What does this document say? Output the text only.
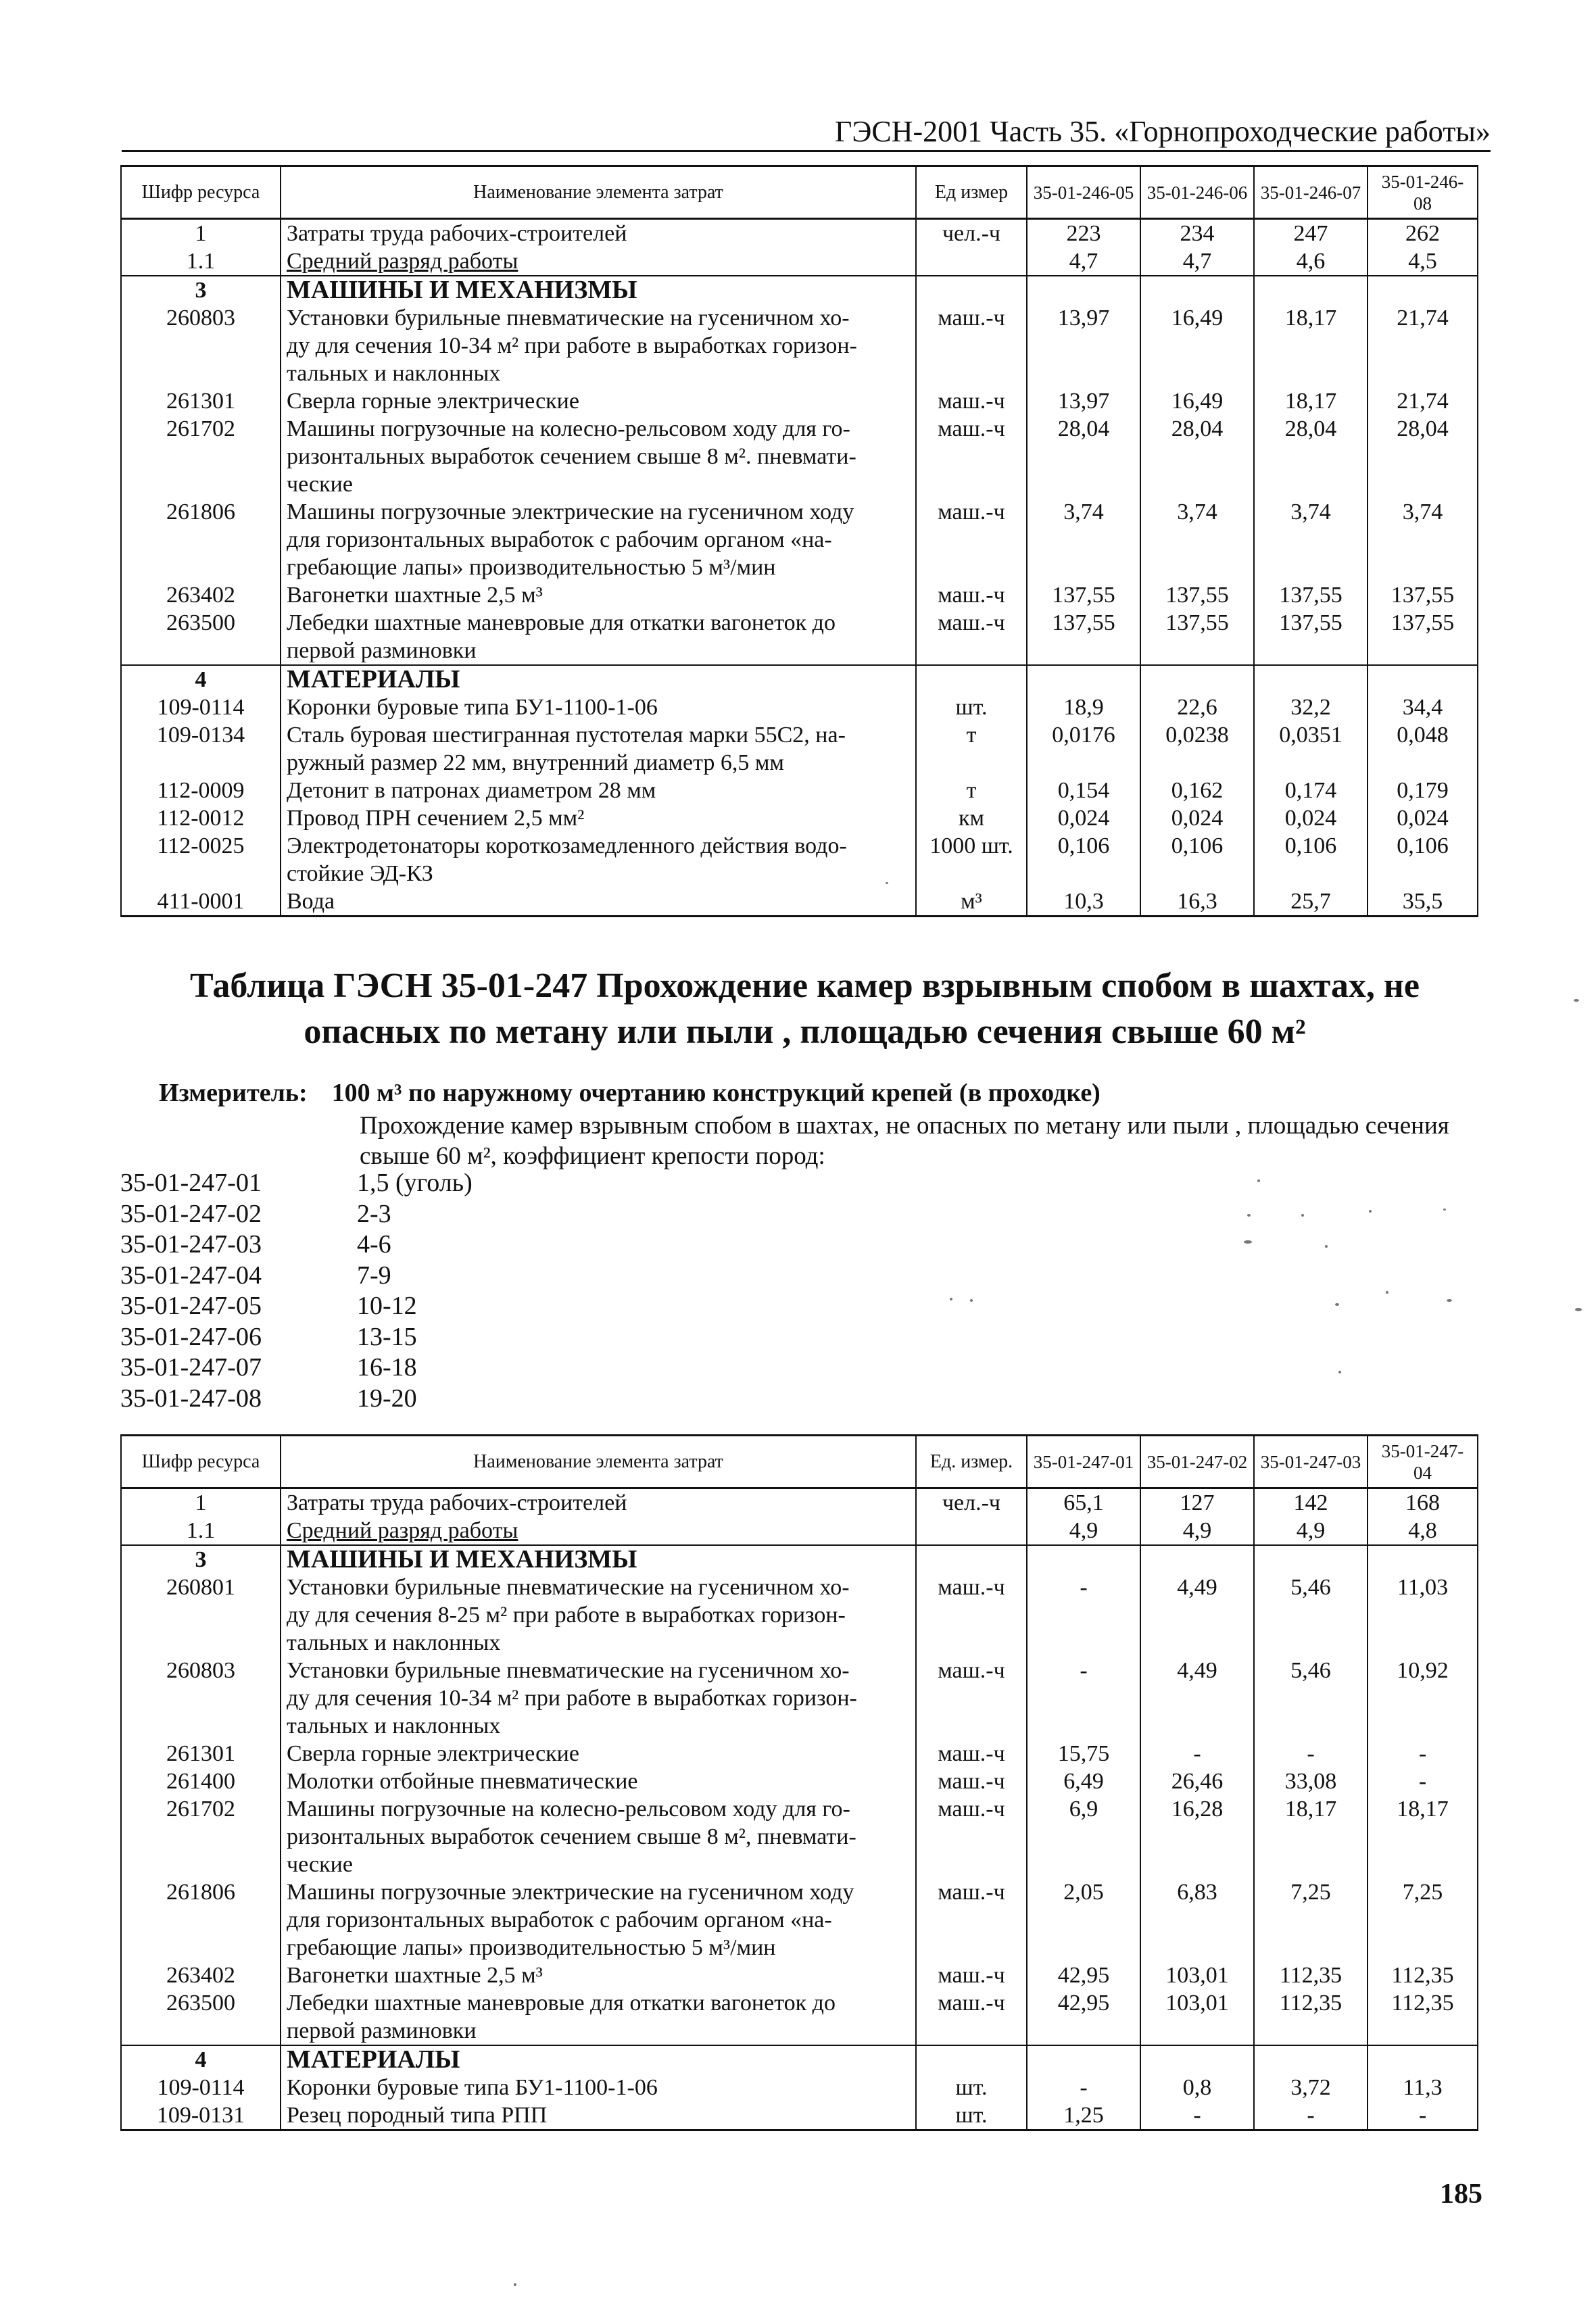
ГЭСН-2001 Часть 35. «Горнопроходческие работы»
Шифр ресурса	Наименование элемента затрат	Ед измер	35-01-246-05	35-01-246-06	35-01-246-07	35-01-246-08
1	Затраты труда рабочих-строителей	чел.-ч	223	234	247	262
1.1	Средний разряд работы		4,7	4,7	4,6	4,5
3	МАШИНЫ И МЕХАНИЗМЫ					

260803	Установки бурильные пневматические на гусеничном хо-
ду для сечения 10-34 м² при работе в выработках горизон-
тальных и наклонных	маш.-ч	13,97	16,49	18,17	21,74
261301	Сверла горные электрические	маш.-ч	13,97	16,49	18,17	21,74
261702	Машины погрузочные на колесно-рельсовом ходу для го-
ризонтальных выработок сечением свыше 8 м². пневмати-
ческие	маш.-ч	28,04	28,04	28,04	28,04
261806	Машины погрузочные электрические на гусеничном ходу
для горизонтальных выработок с рабочим органом «на-
гребающие лапы» производительностью 5 м³/мин	маш.-ч	3,74	3,74	3,74	3,74
263402	Вагонетки шахтные 2,5 м³	маш.-ч	137,55	137,55	137,55	137,55
263500	Лебедки шахтные маневровые для откатки вагонеток до
первой разминовки	маш.-ч	137,55	137,55	137,55	137,55
4	МАТЕРИАЛЫ					

109-0114	Коронки буровые типа БУ1-1100-1-06	шт.	18,9	22,6	32,2	34,4
109-0134	Сталь буровая шестигранная пустотелая марки 55С2, на-
ружный размер 22 мм, внутренний диаметр 6,5 мм	т	0,0176	0,0238	0,0351	0,048
112-0009	Детонит в патронах диаметром 28 мм	т	0,154	0,162	0,174	0,179
112-0012	Провод ПРН сечением 2,5 мм²	км	0,024	0,024	0,024	0,024
112-0025	Электродетонаторы короткозамедленного действия водо-
стойкие ЭД-КЗ	1000 шт.	0,106	0,106	0,106	0,106
411-0001	Вода	м³	10,3	16,3	25,7	35,5
Таблица ГЭСН 35-01-247 Прохождение камер взрывным спобом в шахтах, не опасных по метану или пыли , площадью сечения свыше 60 м²
Измеритель: 100 м³ по наружному очертанию конструкций крепей (в проходке)
Прохождение камер взрывным спобом в шахтах, не опасных по метану или пыли , площадью сечения свыше 60 м², коэффициент крепости пород:
35-01-247-01	1,5 (уголь)
35-01-247-02	2-3
35-01-247-03	4-6
35-01-247-04	7-9
35-01-247-05	10-12
35-01-247-06	13-15
35-01-247-07	16-18
35-01-247-08	19-20
Шифр ресурса	Наименование элемента затрат	Ед. измер.	35-01-247-01	35-01-247-02	35-01-247-03	35-01-247-04
1	Затраты труда рабочих-строителей	чел.-ч	65,1	127	142	168
1.1	Средний разряд работы		4,9	4,9	4,9	4,8
3	МАШИНЫ И МЕХАНИЗМЫ					

260801	Установки бурильные пневматические на гусеничном хо-
ду для сечения 8-25 м² при работе в выработках горизон-
тальных и наклонных	маш.-ч	-	4,49	5,46	11,03
260803	Установки бурильные пневматические на гусеничном хо-
ду для сечения 10-34 м² при работе в выработках горизон-
тальных и наклонных	маш.-ч	-	4,49	5,46	10,92
261301	Сверла горные электрические	маш.-ч	15,75	-	-	-
261400	Молотки отбойные пневматические	маш.-ч	6,49	26,46	33,08	-
261702	Машины погрузочные на колесно-рельсовом ходу для го-
ризонтальных выработок сечением свыше 8 м², пневмати-
ческие	маш.-ч	6,9	16,28	18,17	18,17
261806	Машины погрузочные электрические на гусеничном ходу
для горизонтальных выработок с рабочим органом «на-
гребающие лапы» производительностью 5 м³/мин	маш.-ч	2,05	6,83	7,25	7,25
263402	Вагонетки шахтные 2,5 м³	маш.-ч	42,95	103,01	112,35	112,35
263500	Лебедки шахтные маневровые для откатки вагонеток до
первой разминовки	маш.-ч	42,95	103,01	112,35	112,35
4	МАТЕРИАЛЫ					

109-0114	Коронки буровые типа БУ1-1100-1-06	шт.	-	0,8	3,72	11,3
109-0131	Резец породный типа РПП	шт.	1,25	-	-	-
185
